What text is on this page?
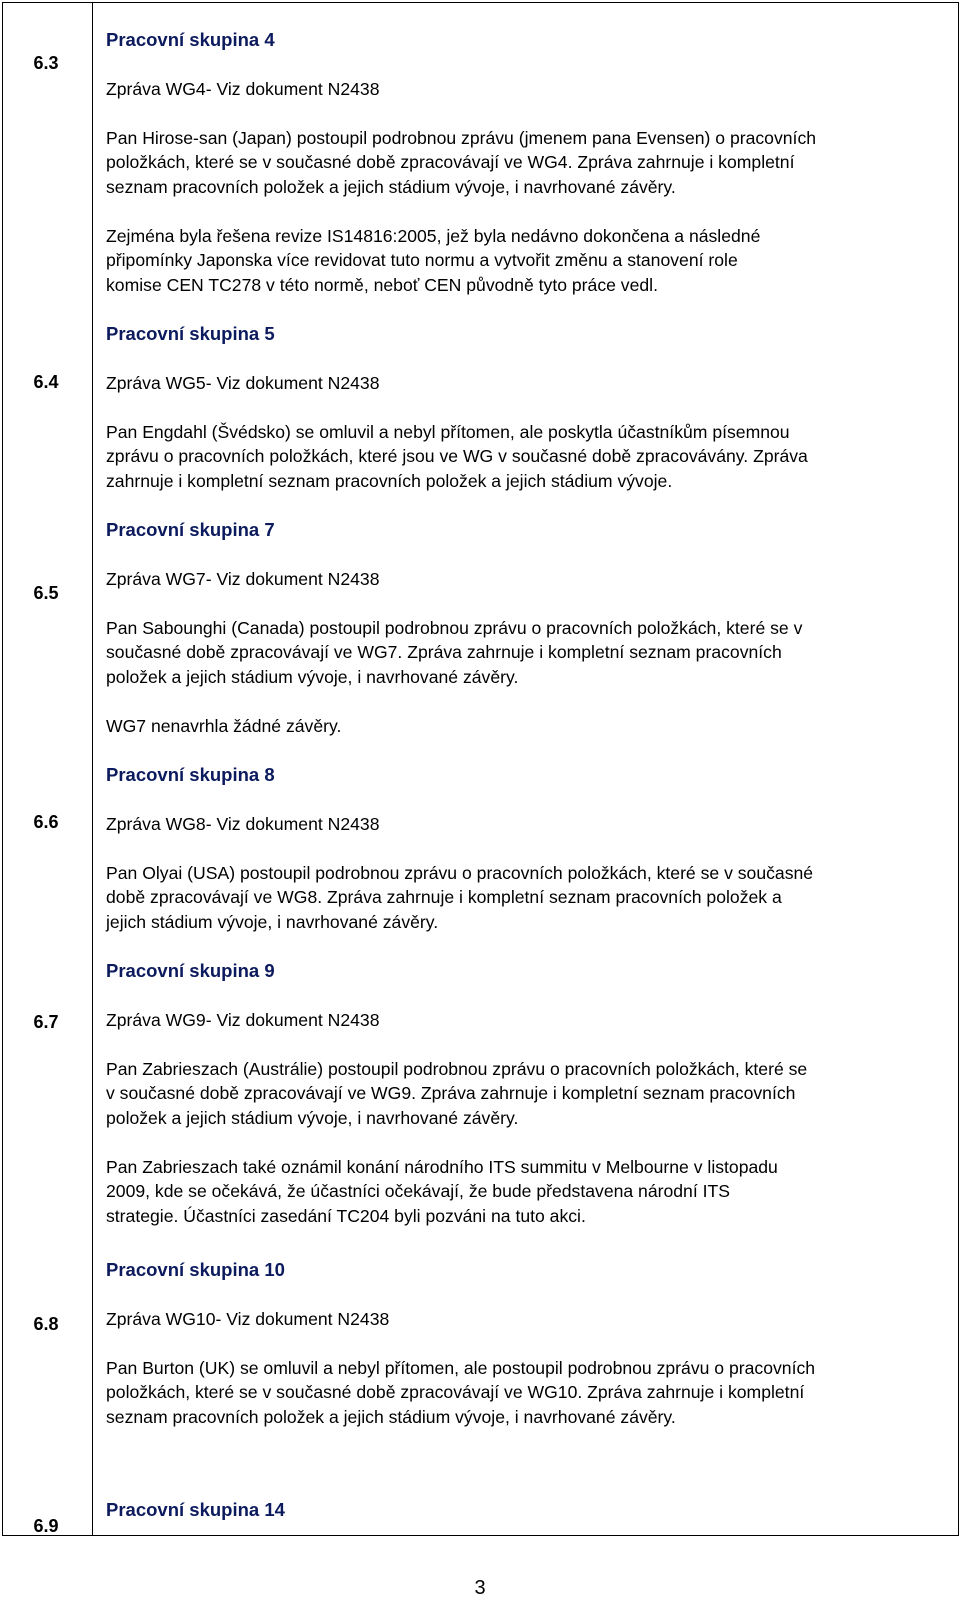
6.3
6.4
6.5
6.6
6.7
6.8
6.9
Pracovní skupina 4
Zpráva WG4- Viz dokument N2438
Pan Hirose-san (Japan) postoupil podrobnou zprávu (jmenem pana Evensen) o pracovních
položkách, které se v současné době zpracovávají ve WG4. Zpráva zahrnuje i kompletní
seznam pracovních položek a jejich stádium vývoje, i navrhované závěry.
Zejména byla řešena revize IS14816:2005, jež byla nedávno dokončena a následné
připomínky Japonska více revidovat tuto normu a vytvořit změnu a stanovení role
komise CEN TC278 v této normě, neboť CEN původně tyto práce vedl.
Pracovní skupina 5
Zpráva WG5- Viz dokument N2438
Pan Engdahl (Švédsko) se omluvil a nebyl přítomen, ale poskytla účastníkům písemnou
zprávu o pracovních položkách, které jsou ve WG v současné době zpracovávány. Zpráva
zahrnuje i kompletní seznam pracovních položek a jejich stádium vývoje.
Pracovní skupina 7
Zpráva WG7- Viz dokument N2438
Pan Sabounghi (Canada) postoupil podrobnou zprávu o pracovních položkách, které se v
současné době zpracovávají ve WG7. Zpráva zahrnuje i kompletní seznam pracovních
položek a jejich stádium vývoje, i navrhované závěry.
WG7 nenavrhla žádné závěry.
Pracovní skupina 8
Zpráva WG8- Viz dokument N2438
Pan Olyai (USA) postoupil podrobnou zprávu o pracovních položkách, které se v současné
době zpracovávají ve WG8. Zpráva zahrnuje i kompletní seznam pracovních položek a
jejich stádium vývoje, i navrhované závěry.
Pracovní skupina 9
Zpráva WG9- Viz dokument N2438
Pan Zabrieszach (Austrálie) postoupil podrobnou zprávu o pracovních položkách, které se
v současné době zpracovávají ve WG9. Zpráva zahrnuje i kompletní seznam pracovních
položek a jejich stádium vývoje, i navrhované závěry.
Pan Zabrieszach také oznámil konání národního ITS summitu v Melbourne v listopadu
2009, kde se očekává, že účastníci očekávají, že bude představena národní ITS
strategie. Účastníci zasedání TC204 byli pozváni na tuto akci.
Pracovní skupina 10
Zpráva WG10- Viz dokument N2438
Pan Burton (UK) se omluvil a nebyl přítomen, ale postoupil podrobnou zprávu o pracovních
položkách, které se v současné době zpracovávají ve WG10. Zpráva zahrnuje i kompletní
seznam pracovních položek a jejich stádium vývoje, i navrhované závěry.
Pracovní skupina 14
3
